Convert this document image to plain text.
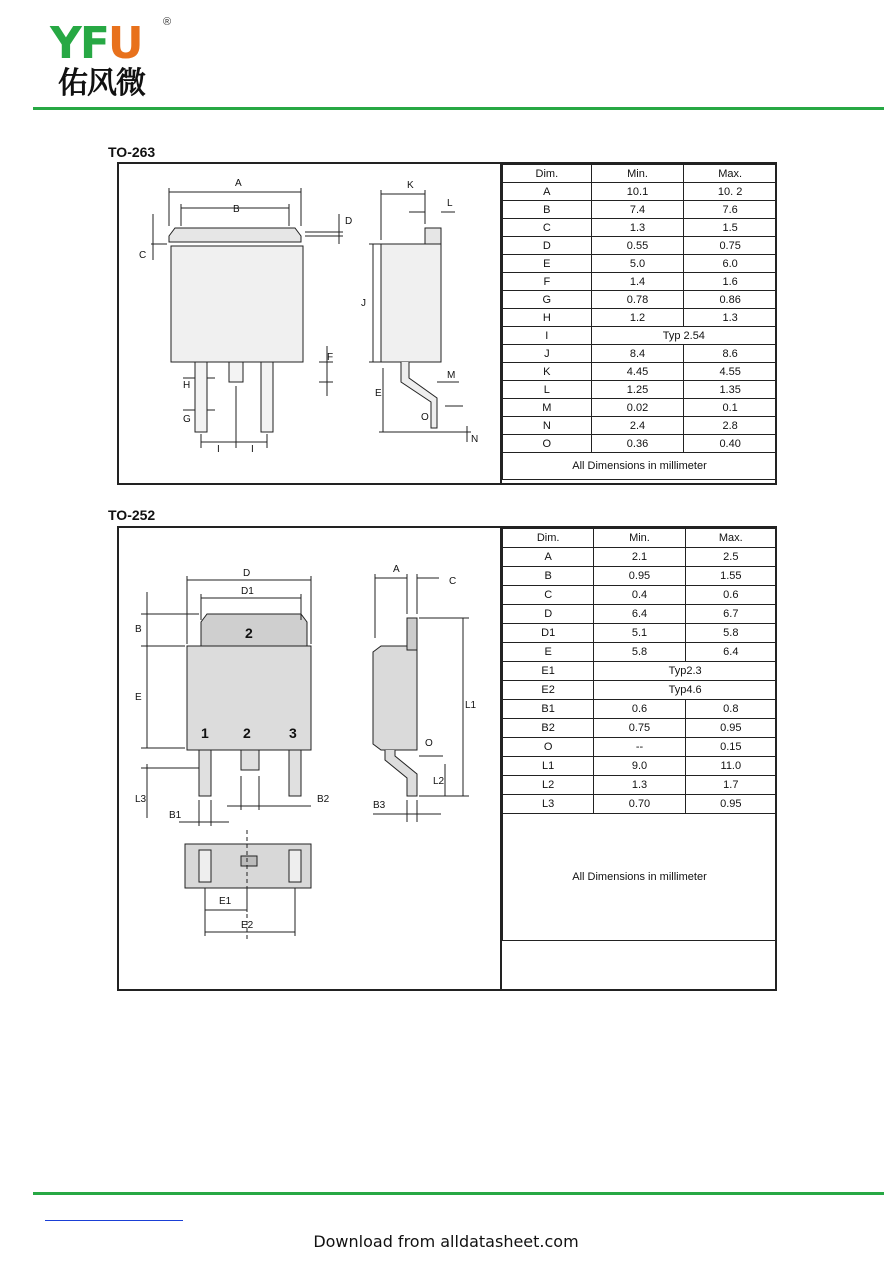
YFU ®
佑风微
TO-263
A
B
C
D
F
H
G
I	I
K
L
J
E
M
O
N
Dim.	Min.	Max.
A	10.1	10. 2
B	7.4	7.6
C	1.3	1.5
D	0.55	0.75
E	5.0	6.0
F	1.4	1.6
G	0.78	0.86
H	1.2	1.3
I	Typ 2.54	
J	8.4	8.6
K	4.45	4.55
L	1.25	1.35
M	0.02	0.1
N	2.4	2.8
O	0.36	0.40
All Dimensions in millimeter		
TO-252
1 2	3
2
D
D1
A
C
B
E
L3
B1
B2
L1
O
L2
B3
E1
E2
Dim.	Min.	Max.
A	2.1	2.5
B	0.95	1.55
C	0.4	0.6
D	6.4	6.7
D1	5.1	5.8
E	5.8	6.4
E1	Typ2.3	
E2	Typ4.6	
B1	0.6	0.8
B2	0.75	0.95
O	--	0.15
L1	9.0	11.0
L2	1.3	1.7
L3	0.70	0.95
All Dimensions in millimeter		
Download from alldatasheet.com
